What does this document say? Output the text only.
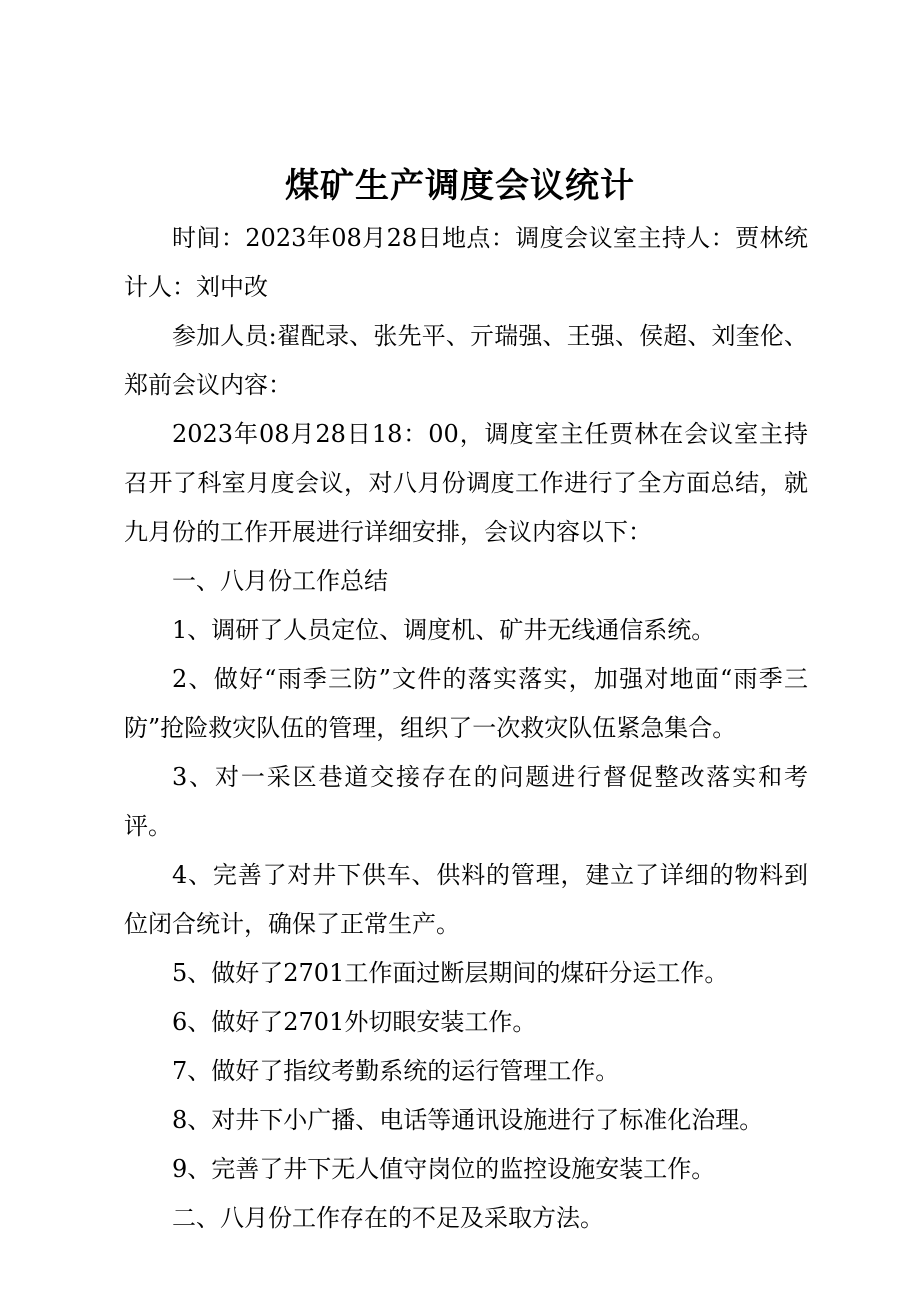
煤矿生产调度会议统计

时间：2023年08月28日地点：调度会议室主持人：贾林统计人：刘中改

参加人员:翟配录、张先平、亓瑞强、王强、侯超、刘奎伦、郑前会议内容：

2023年08月28日18：00，调度室主任贾林在会议室主持召开了科室月度会议，对八月份调度工作进行了全方面总结，就九月份的工作开展进行详细安排，会议内容以下：

一、八月份工作总结

1、调研了人员定位、调度机、矿井无线通信系统。

2、做好“雨季三防”文件的落实落实，加强对地面“雨季三防”抢险救灾队伍的管理，组织了一次救灾队伍紧急集合。

3、对一采区巷道交接存在的问题进行督促整改落实和考评。

4、完善了对井下供车、供料的管理，建立了详细的物料到位闭合统计，确保了正常生产。

5、做好了2701工作面过断层期间的煤矸分运工作。

6、做好了2701外切眼安装工作。

7、做好了指纹考勤系统的运行管理工作。

8、对井下小广播、电话等通讯设施进行了标准化治理。

9、完善了井下无人值守岗位的监控设施安装工作。

二、八月份工作存在的不足及采取方法。
